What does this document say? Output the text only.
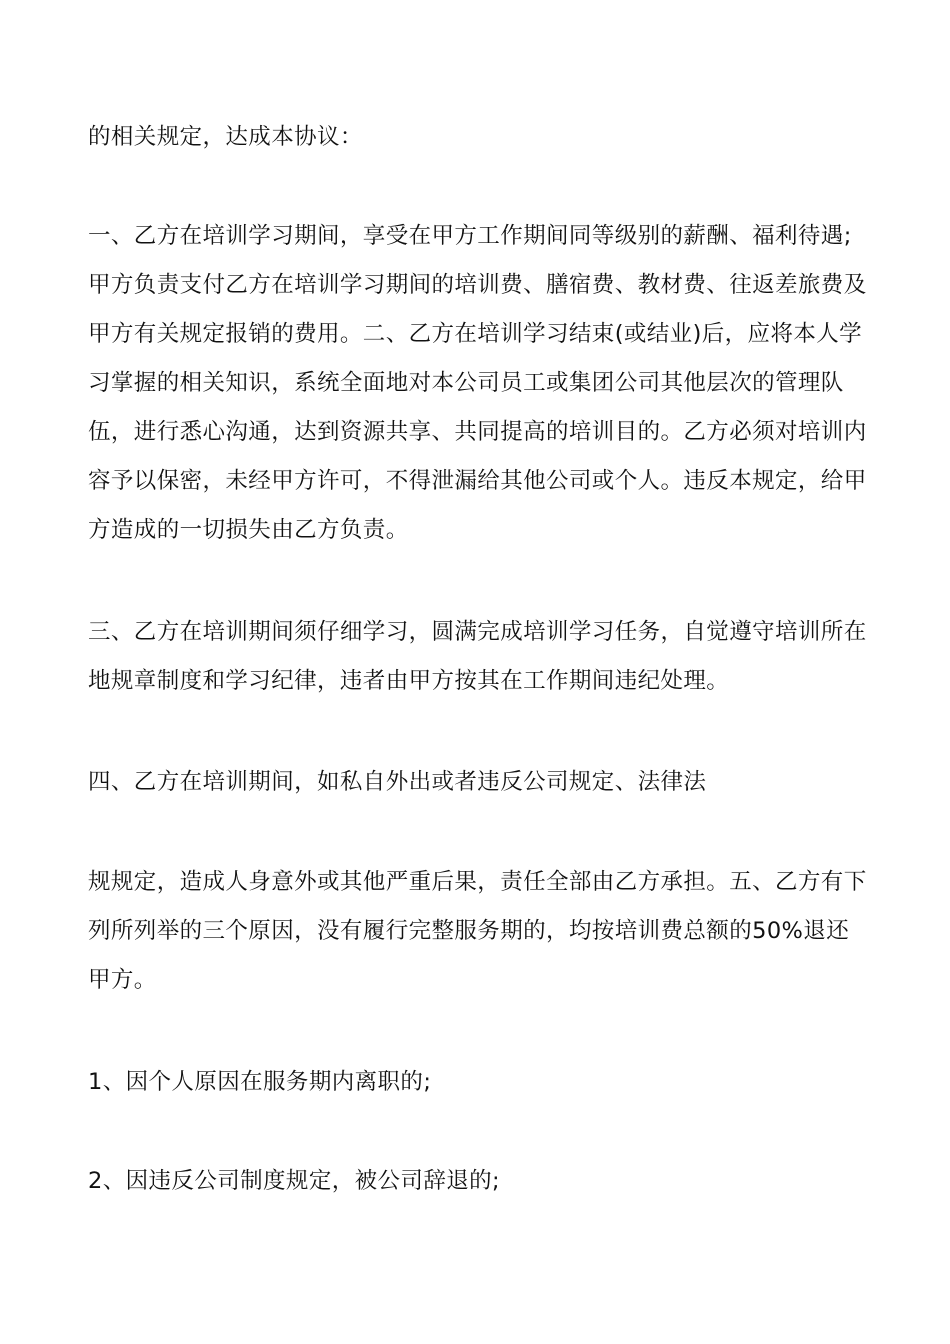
的相关规定，达成本协议：

一、乙方在培训学习期间，享受在甲方工作期间同等级别的薪酬、福利待遇;甲方负责支付乙方在培训学习期间的培训费、膳宿费、教材费、往返差旅费及甲方有关规定报销的费用。二、乙方在培训学习结束(或结业)后，应将本人学习掌握的相关知识，系统全面地对本公司员工或集团公司其他层次的管理队伍，进行悉心沟通，达到资源共享、共同提高的培训目的。乙方必须对培训内容予以保密，未经甲方许可，不得泄漏给其他公司或个人。违反本规定，给甲方造成的一切损失由乙方负责。

三、乙方在培训期间须仔细学习，圆满完成培训学习任务，自觉遵守培训所在地规章制度和学习纪律，违者由甲方按其在工作期间违纪处理。

四、乙方在培训期间，如私自外出或者违反公司规定、法律法

规规定，造成人身意外或其他严重后果，责任全部由乙方承担。五、乙方有下列所列举的三个原因，没有履行完整服务期的，均按培训费总额的50%退还甲方。

1、因个人原因在服务期内离职的;

2、因违反公司制度规定，被公司辞退的;
